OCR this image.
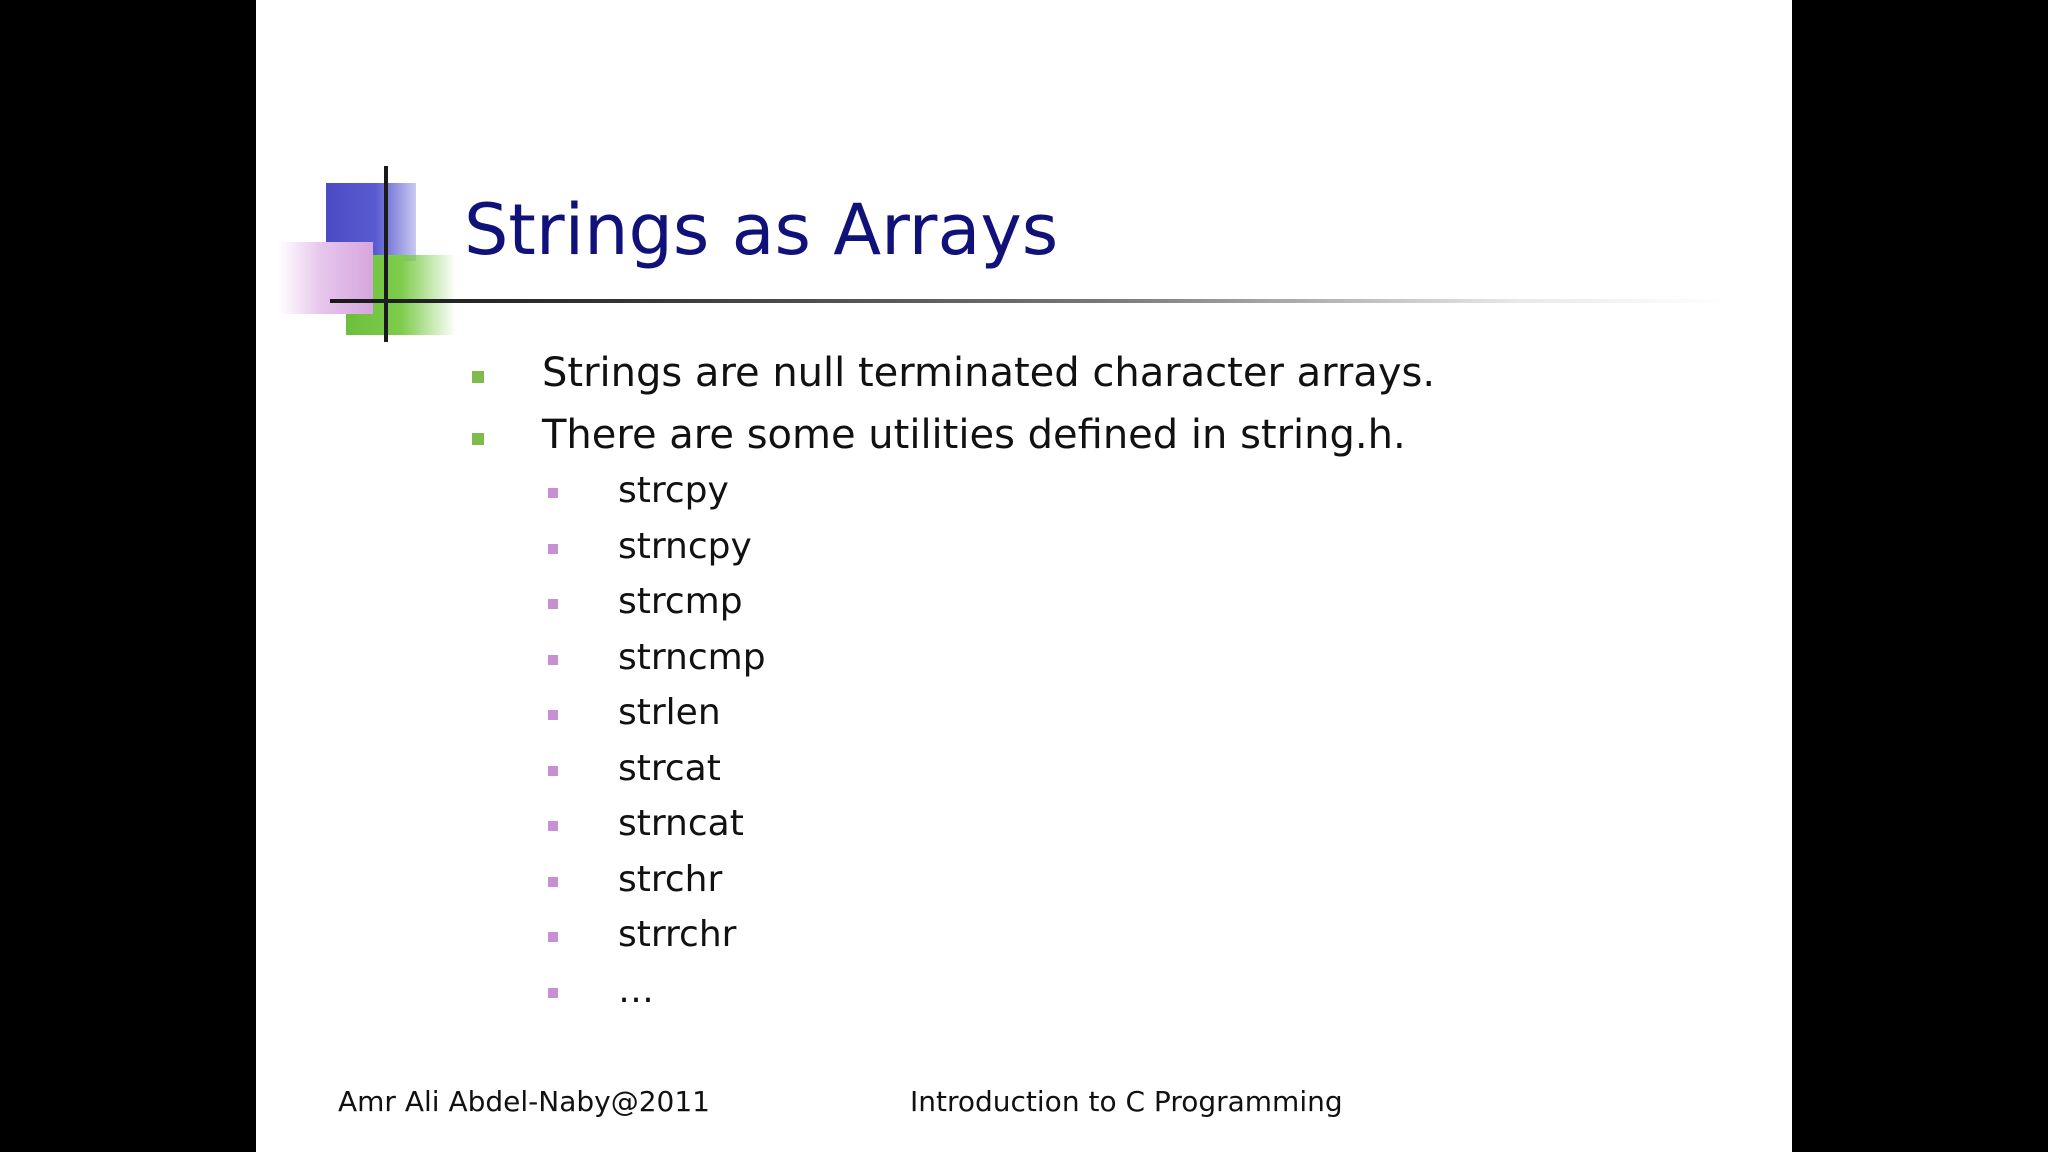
Strings as Arrays
Strings are null terminated character arrays.
There are some utilities defined in string.h.
strcpy
strncpy
strcmp
strncmp
strlen
strcat
strncat
strchr
strrchr
…
Amr Ali Abdel-Naby@2011	Introduction to C Programming
